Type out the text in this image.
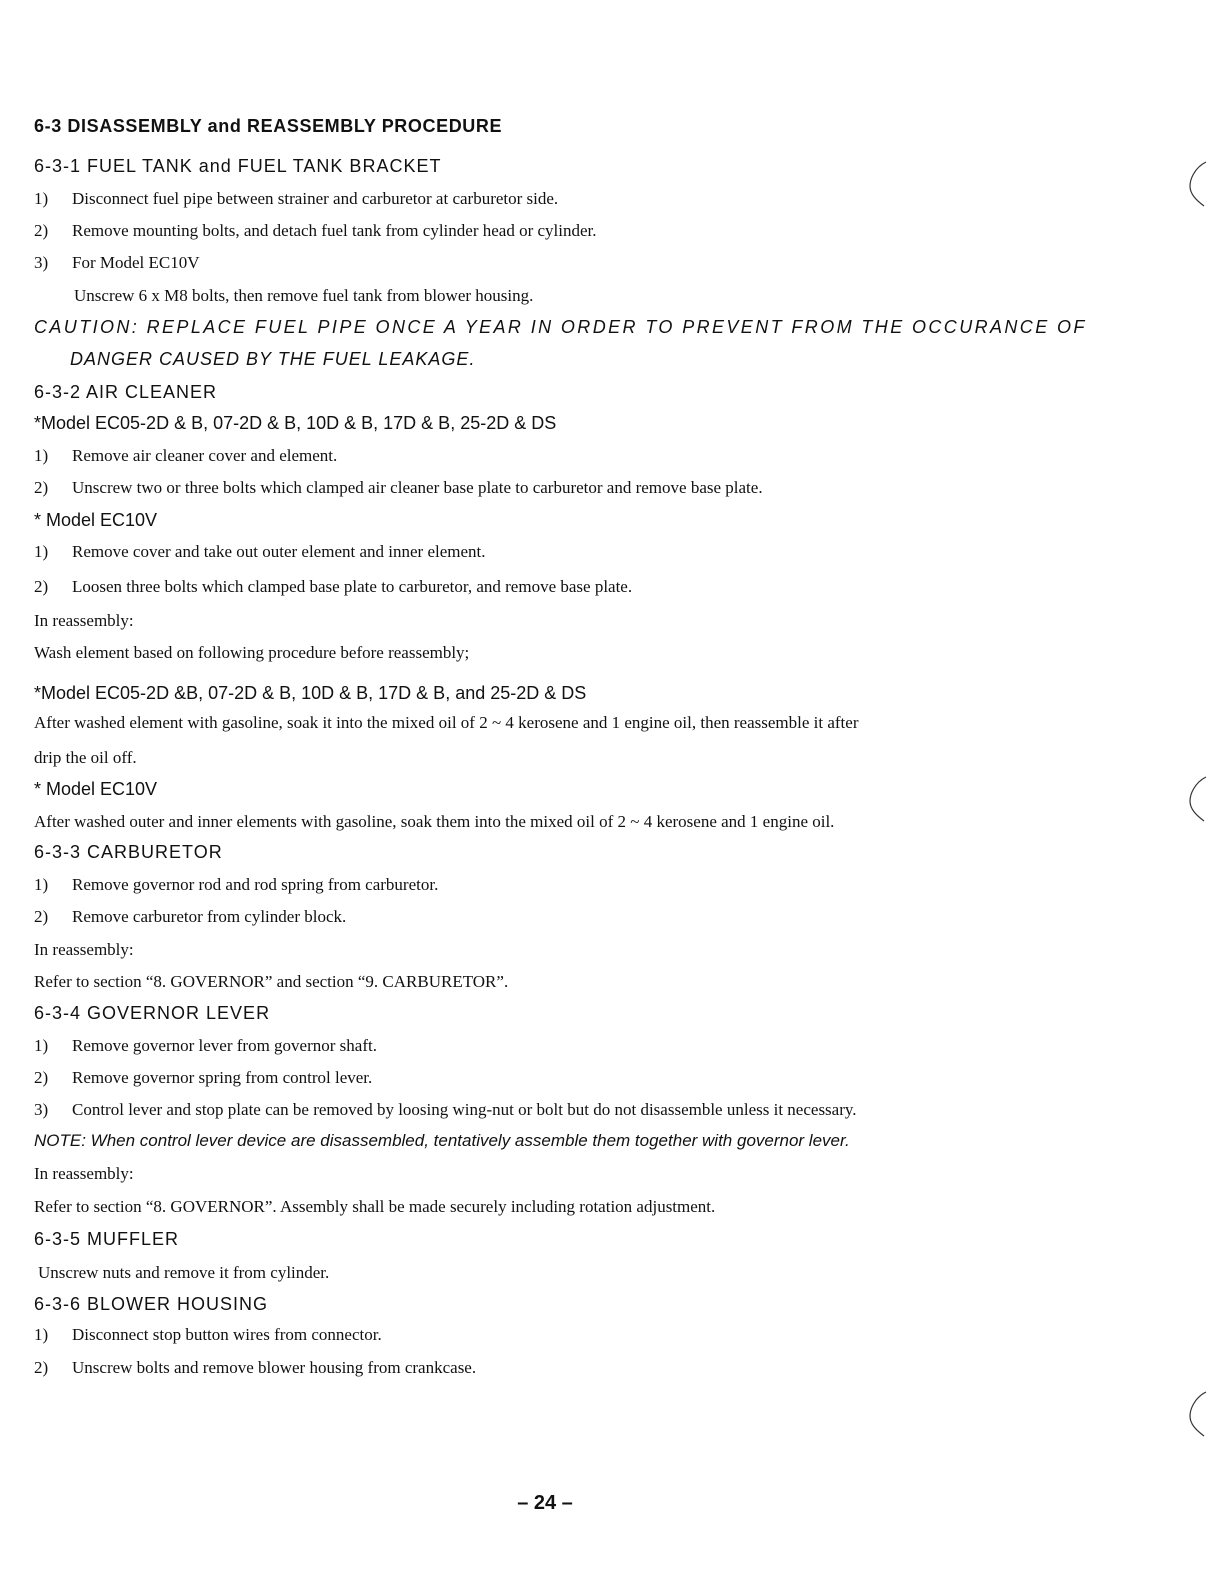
6-3 DISASSEMBLY and REASSEMBLY PROCEDURE
6-3-1 FUEL TANK and FUEL TANK BRACKET
1) Disconnect fuel pipe between strainer and carburetor at carburetor side.
2) Remove mounting bolts, and detach fuel tank from cylinder head or cylinder.
3) For Model EC10V
Unscrew 6 x M8 bolts, then remove fuel tank from blower housing.
CAUTION: REPLACE FUEL PIPE ONCE A YEAR IN ORDER TO PREVENT FROM THE OCCURANCE OF
DANGER CAUSED BY THE FUEL LEAKAGE.
6-3-2 AIR CLEANER
*Model EC05-2D & B, 07-2D & B, 10D & B, 17D & B, 25-2D & DS
1) Remove air cleaner cover and element.
2) Unscrew two or three bolts which clamped air cleaner base plate to carburetor and remove base plate.
* Model EC10V
1) Remove cover and take out outer element and inner element.
2) Loosen three bolts which clamped base plate to carburetor, and remove base plate.
In reassembly:
Wash element based on following procedure before reassembly;
*Model EC05-2D &B, 07-2D & B, 10D & B, 17D & B, and 25-2D & DS
After washed element with gasoline, soak it into the mixed oil of 2 ~ 4 kerosene and 1 engine oil, then reassemble it after
drip the oil off.
* Model EC10V
After washed outer and inner elements with gasoline, soak them into the mixed oil of 2 ~ 4 kerosene and 1 engine oil.
6-3-3 CARBURETOR
1) Remove governor rod and rod spring from carburetor.
2) Remove carburetor from cylinder block.
In reassembly:
Refer to section “8. GOVERNOR” and section “9. CARBURETOR”.
6-3-4 GOVERNOR LEVER
1) Remove governor lever from governor shaft.
2) Remove governor spring from control lever.
3) Control lever and stop plate can be removed by loosing wing-nut or bolt but do not disassemble unless it necessary.
NOTE: When control lever device are disassembled, tentatively assemble them together with governor lever.
In reassembly:
Refer to section “8. GOVERNOR”. Assembly shall be made securely including rotation adjustment.
6-3-5 MUFFLER
Unscrew nuts and remove it from cylinder.
6-3-6 BLOWER HOUSING
1) Disconnect stop button wires from connector.
2) Unscrew bolts and remove blower housing from crankcase.
– 24 –
